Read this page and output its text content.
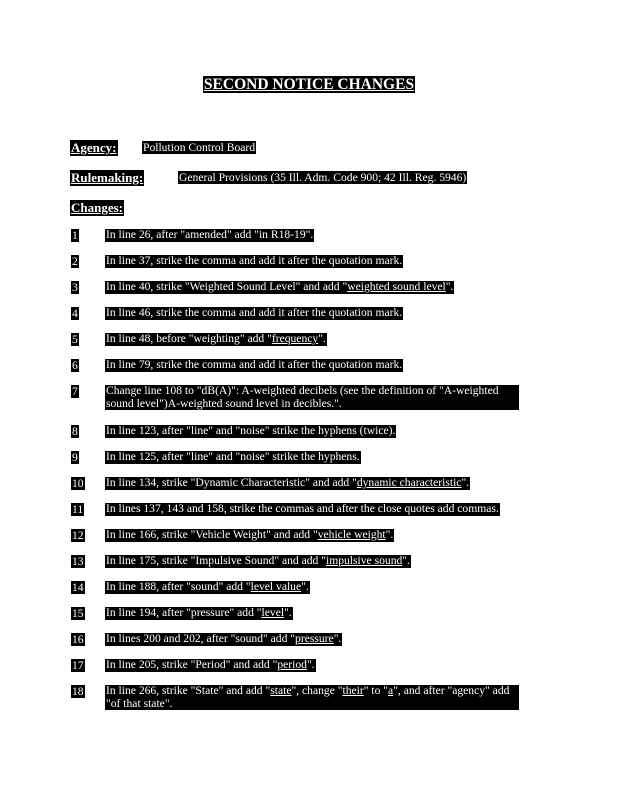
SECOND NOTICE CHANGES
Agency: Pollution Control Board
Rulemaking:	General Provisions (35 Ill. Adm. Code 900; 42 Ill. Reg. 5946)
Changes:
1 In line 26, after "amended" add "in R18-19".
2 In line 37, strike the comma and add it after the quotation mark.
3 In line 40, strike "Weighted Sound Level" and add "weighted sound level".
4 In line 46, strike the comma and add it after the quotation mark.
5 In line 48, before "weighting" add "frequency".
6 In line 79, strike the comma and add it after the quotation mark.
7 Change line 108 to "dB(A)": A-weighted decibels (see the definition of "A-weighted
sound level")A-weighted sound level in decibles.".
8 In line 123, after "line" and "noise" strike the hyphens (twice).
9 In line 125, after "line" and "noise" strike the hyphens.
10 In line 134, strike "Dynamic Characteristic" and add "dynamic characteristic".
11 In lines 137, 143 and 158, strike the commas and after the close quotes add commas.
12 In line 166, strike "Vehicle Weight" and add "vehicle weight".
13 In line 175, strike "Impulsive Sound" and add "impulsive sound".
14 In line 188, after "sound" add "level value".
15 In line 194, after "pressure" add "level".
16 In lines 200 and 202, after "sound" add "pressure".
17 In line 205, strike "Period" and add "period".
18 In line 266, strike "State" and add "state", change "their" to "a", and after "agency" add
"of that state".
